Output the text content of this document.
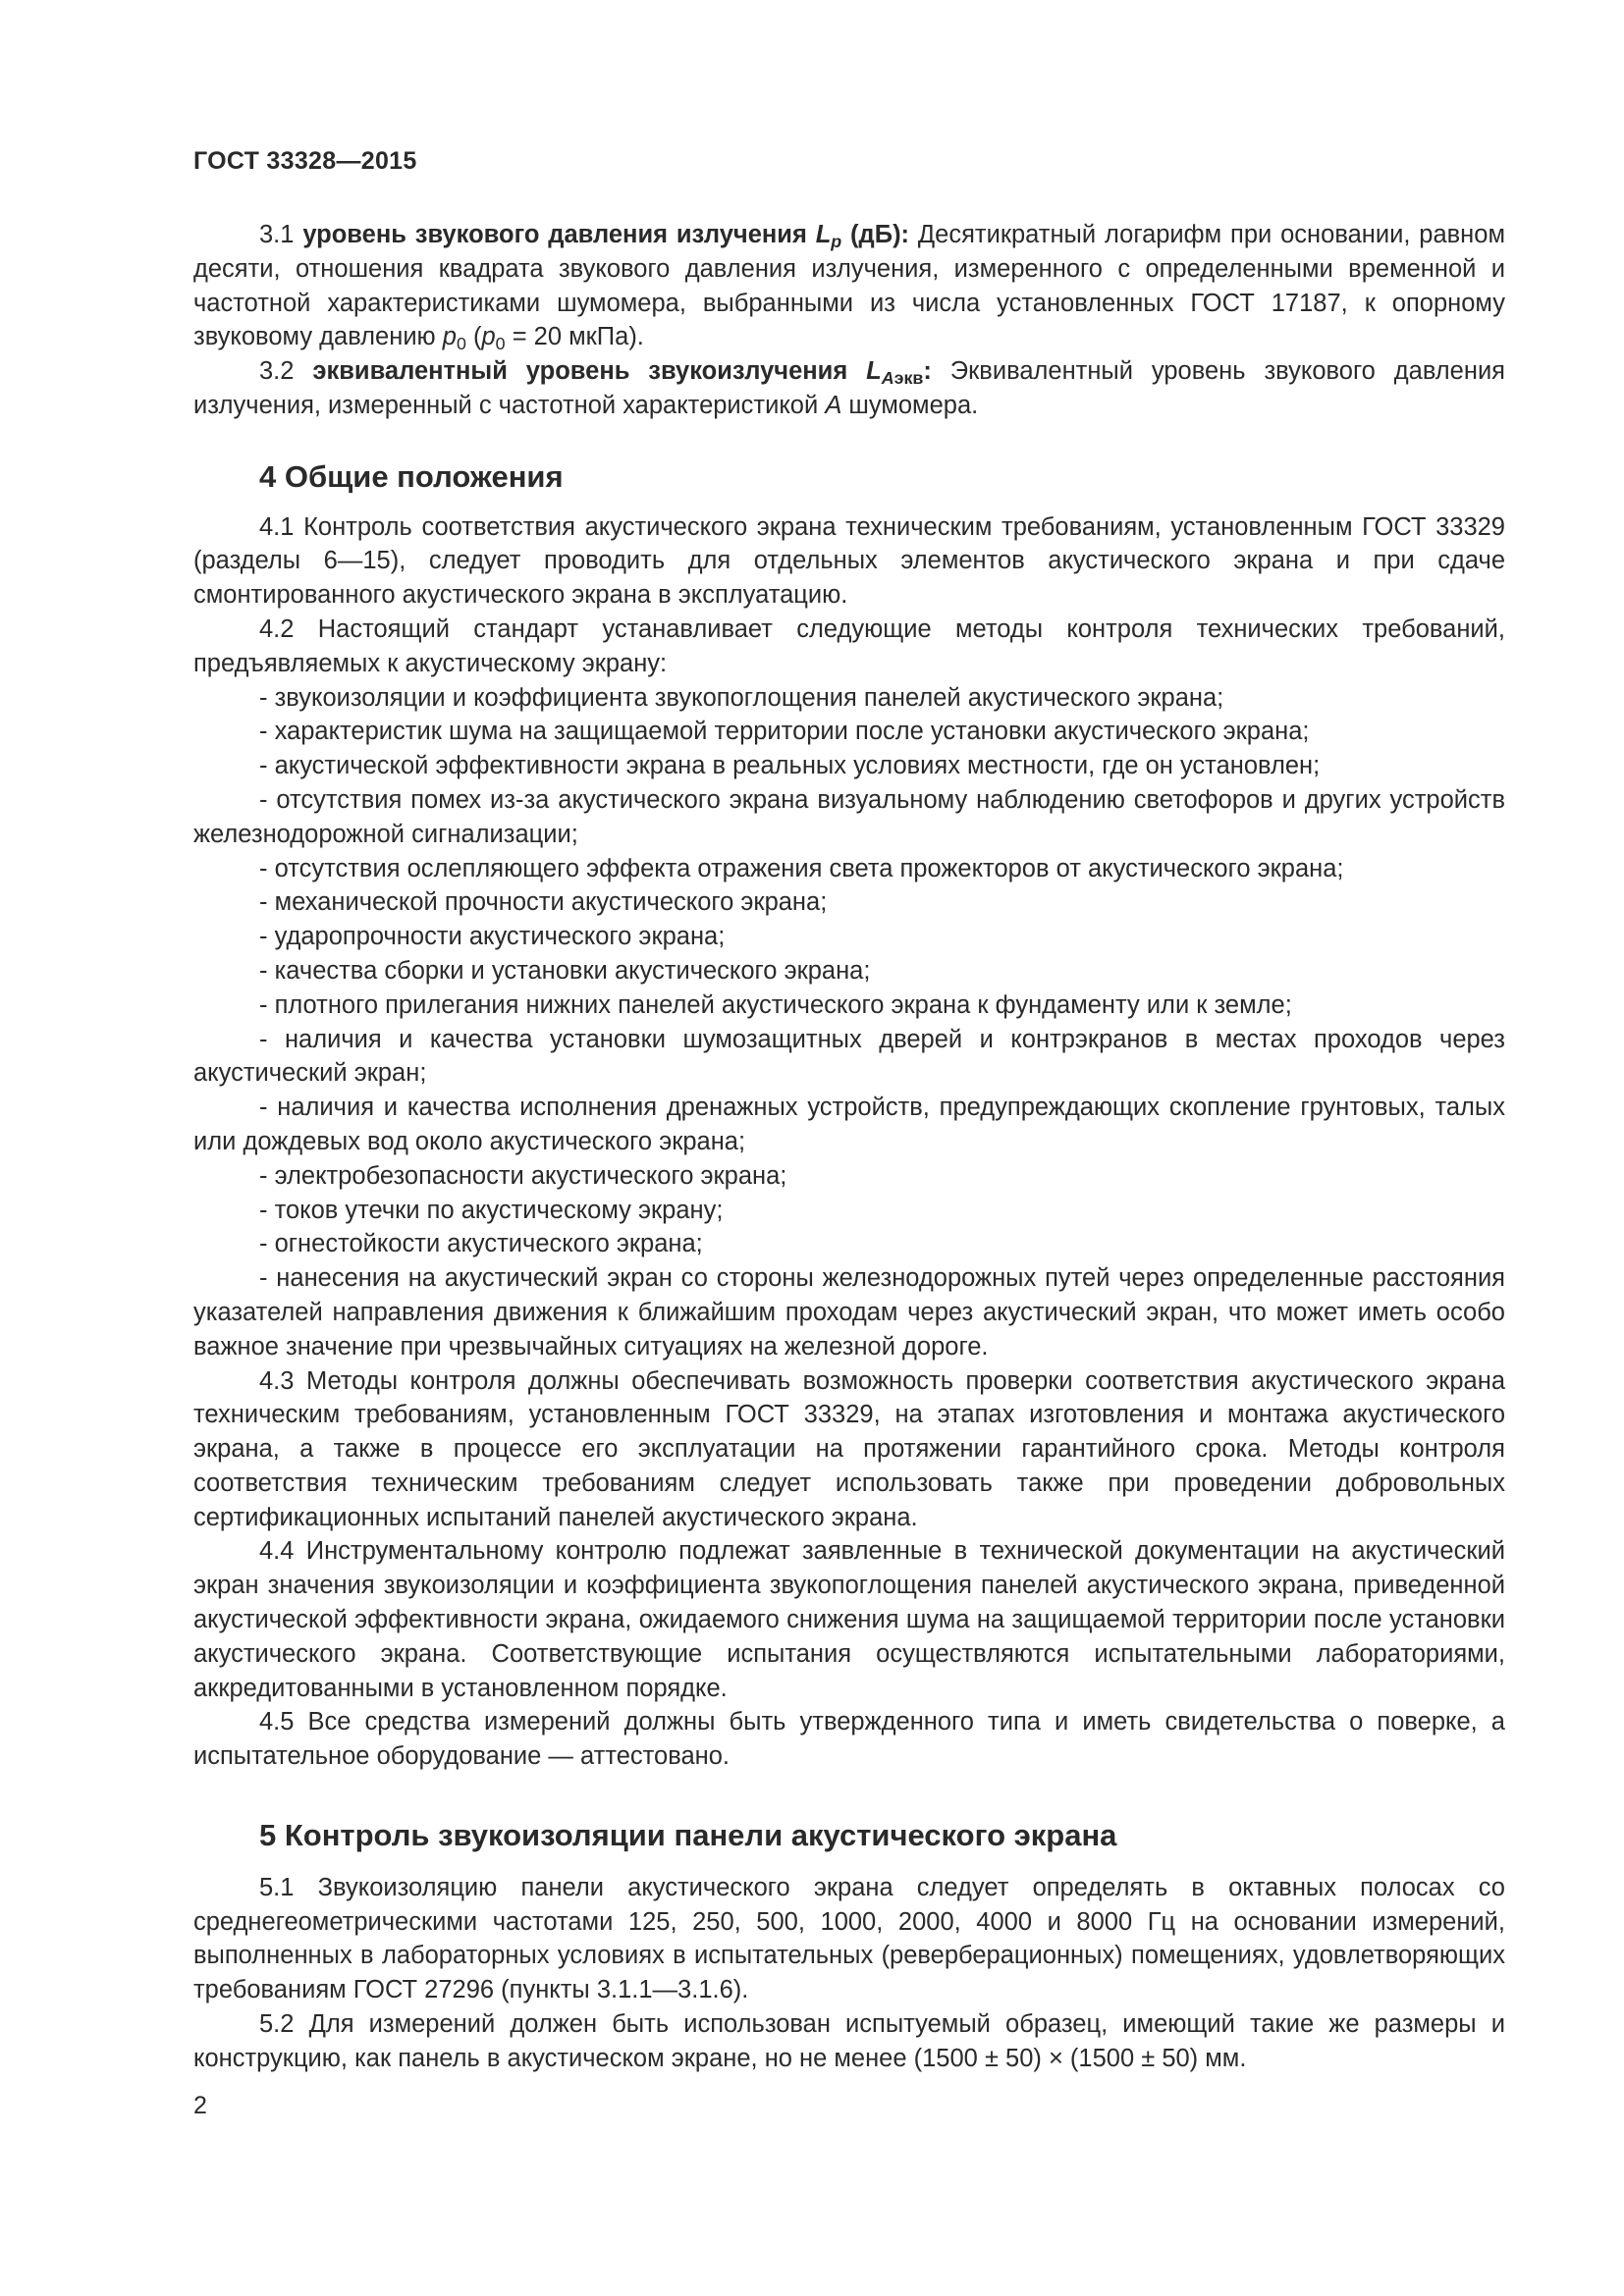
ГОСТ 33328—2015

3.1 уровень звукового давления излучения $L_p$ (дБ): Десятикратный логарифм при основании, равном десяти, отношения квадрата звукового давления излучения, измеренного с определенными временной и частотной характеристиками шумомера, выбранными из числа установленных ГОСТ 17187, к опорному звуковому давлению $p_0$ ($p_0 = 20$ мкПа).

3.2 эквивалентный уровень звукоизлучения $L_{Aэкв}$: Эквивалентный уровень звукового давления излучения, измеренный с частотной характеристикой A шумомера.

4 Общие положения

4.1 Контроль соответствия акустического экрана техническим требованиям, установленным ГОСТ 33329 (разделы 6—15), следует проводить для отдельных элементов акустического экрана и при сдаче смонтированного акустического экрана в эксплуатацию.

4.2 Настоящий стандарт устанавливает следующие методы контроля технических требований, предъявляемых к акустическому экрану:

- звукоизоляции и коэффициента звукопоглощения панелей акустического экрана;

- характеристик шума на защищаемой территории после установки акустического экрана;

- акустической эффективности экрана в реальных условиях местности, где он установлен;

- отсутствия помех из-за акустического экрана визуальному наблюдению светофоров и других устройств железнодорожной сигнализации;

- отсутствия ослепляющего эффекта отражения света прожекторов от акустического экрана;

- механической прочности акустического экрана;

- ударопрочности акустического экрана;

- качества сборки и установки акустического экрана;

- плотного прилегания нижних панелей акустического экрана к фундаменту или к земле;

- наличия и качества установки шумозащитных дверей и контрэкранов в местах проходов через акустический экран;

- наличия и качества исполнения дренажных устройств, предупреждающих скопление грунтовых, талых или дождевых вод около акустического экрана;

- электробезопасности акустического экрана;

- токов утечки по акустическому экрану;

- огнестойкости акустического экрана;

- нанесения на акустический экран со стороны железнодорожных путей через определенные расстояния указателей направления движения к ближайшим проходам через акустический экран, что может иметь особо важное значение при чрезвычайных ситуациях на железной дороге.

4.3 Методы контроля должны обеспечивать возможность проверки соответствия акустического экрана техническим требованиям, установленным ГОСТ 33329, на этапах изготовления и монтажа акустического экрана, а также в процессе его эксплуатации на протяжении гарантийного срока. Методы контроля соответствия техническим требованиям следует использовать также при проведении добровольных сертификационных испытаний панелей акустического экрана.

4.4 Инструментальному контролю подлежат заявленные в технической документации на акустический экран значения звукоизоляции и коэффициента звукопоглощения панелей акустического экрана, приведенной акустической эффективности экрана, ожидаемого снижения шума на защищаемой территории после установки акустического экрана. Соответствующие испытания осуществляются испытательными лабораториями, аккредитованными в установленном порядке.

4.5 Все средства измерений должны быть утвержденного типа и иметь свидетельства о поверке, а испытательное оборудование — аттестовано.

5 Контроль звукоизоляции панели акустического экрана

5.1 Звукоизоляцию панели акустического экрана следует определять в октавных полосах со среднегеометрическими частотами 125, 250, 500, 1000, 2000, 4000 и 8000 Гц на основании измерений, выполненных в лабораторных условиях в испытательных (реверберационных) помещениях, удовлетворяющих требованиям ГОСТ 27296 (пункты 3.1.1—3.1.6).

5.2 Для измерений должен быть использован испытуемый образец, имеющий такие же размеры и конструкцию, как панель в акустическом экране, но не менее (1500 ± 50) × (1500 ± 50) мм.

2
